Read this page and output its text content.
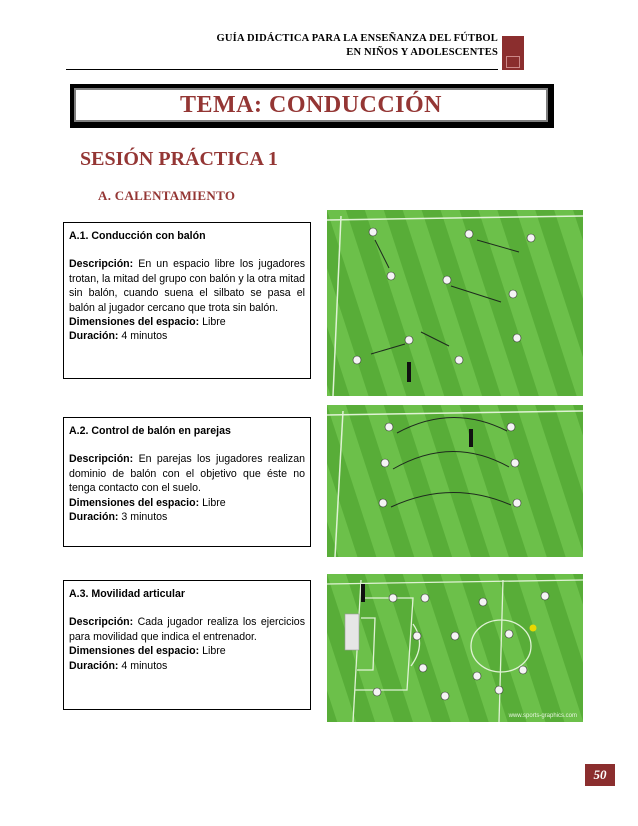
GUÍA DIDÁCTICA PARA LA ENSEÑANZA DEL FÚTBOL
EN NIÑOS Y ADOLESCENTES
TEMA: CONDUCCIÓN
SESIÓN PRÁCTICA 1
A. CALENTAMIENTO
A.1. Conducción con balón
Descripción: En un espacio libre los jugadores trotan, la mitad del grupo con balón y la otra mitad sin balón, cuando suena el silbato se pasa el balón al jugador cercano que trota sin balón.
Dimensiones del espacio: Libre
Duración: 4 minutos
A.2. Control de balón en parejas
Descripción: En parejas los jugadores realizan dominio de balón con el objetivo que éste no tenga contacto con el suelo.
Dimensiones del espacio: Libre
Duración: 3 minutos
A.3. Movilidad articular
Descripción: Cada jugador realiza los ejercicios para movilidad que indica el entrenador.
Dimensiones del espacio: Libre
Duración: 4 minutos
www.sports-graphics.com
50
